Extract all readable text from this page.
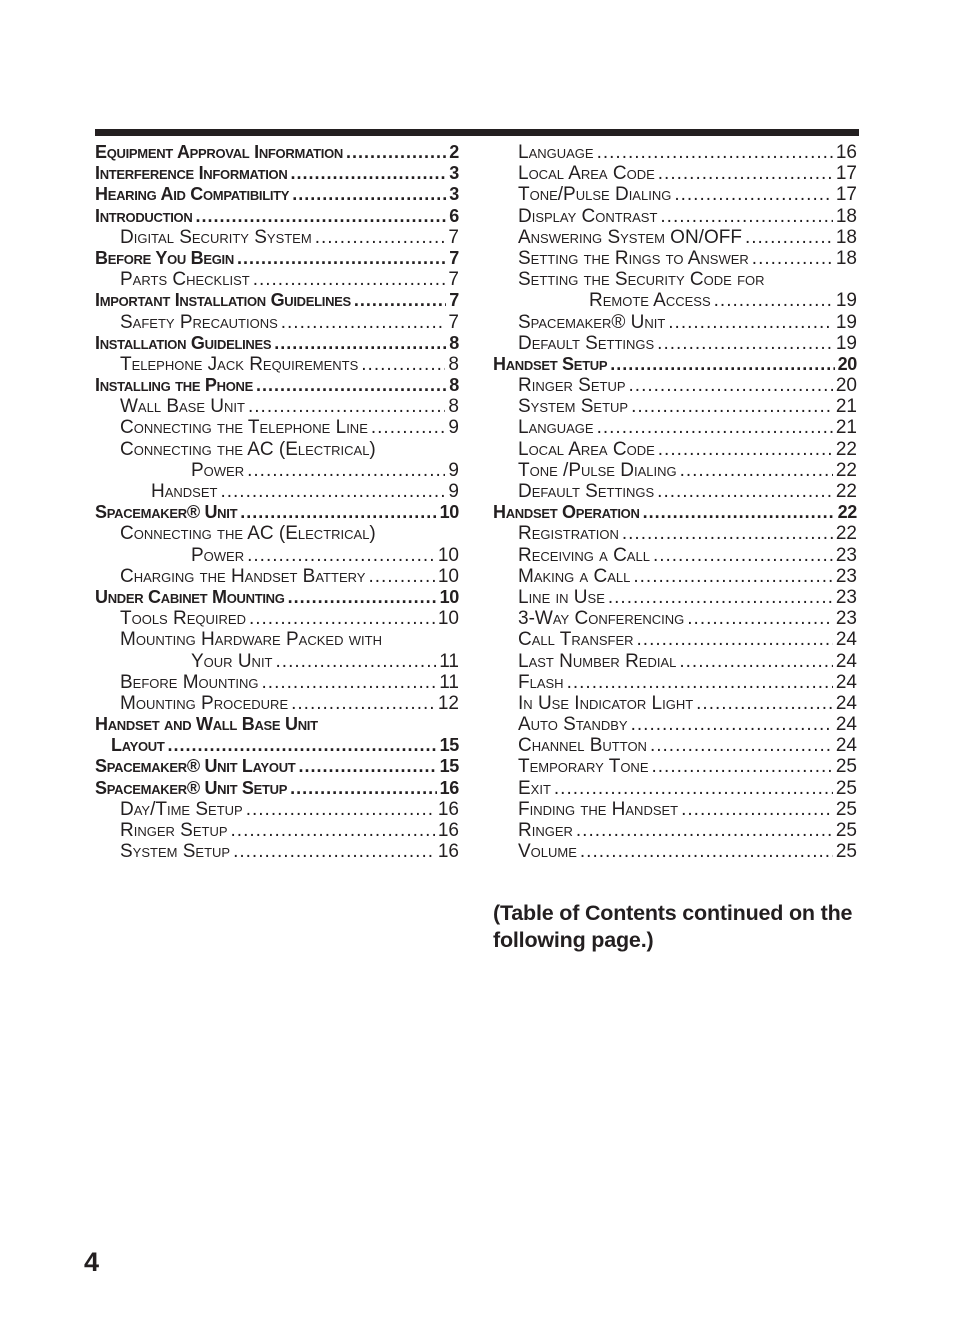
Equipment Approval Information .....	2
Interference Information .....	3
Hearing Aid Compatibility .....	3
Introduction .....	6
Digital Security System .....	7
Before You Begin .....	7
Parts Checklist .....	7
Important Installation Guidelines .....	7
Safety Precautions .....	7
Installation Guidelines .....	8
Telephone Jack Requirements .....	8
Installing the Phone .....	8
Wall Base Unit .....	8
Connecting the Telephone Line .....	9
Connecting the AC (Electrical)
Power .....	9
Handset .....	9
Spacemaker® Unit .....	10
Connecting the AC (Electrical)
Power .....	10
Charging the Handset Battery .....	10
Under Cabinet Mounting .....	10
Tools Required .....	10
Mounting Hardware Packed with
Your Unit .....	11
Before Mounting .....	11
Mounting Procedure .....	12
Handset and Wall Base Unit
Layout .....	15
Spacemaker® Unit Layout .....	15
Spacemaker® Unit Setup .....	16
Day/Time Setup .....	16
Ringer Setup .....	16
System Setup .....	16
Language .....	16
Local Area Code .....	17
Tone/Pulse Dialing .....	17
Display Contrast .....	18
Answering System ON/OFF .....	18
Setting the Rings to Answer .....	18
Setting the Security Code for
Remote Access .....	19
Spacemaker® Unit .....	19
Default Settings .....	19
Handset Setup .....	20
Ringer Setup .....	20
System Setup .....	21
Language .....	21
Local Area Code .....	22
Tone /Pulse Dialing .....	22
Default Settings .....	22
Handset Operation .....	22
Registration .....	22
Receiving a Call .....	23
Making a Call .....	23
Line in Use .....	23
3-Way Conferencing .....	23
Call Transfer .....	24
Last Number Redial .....	24
Flash .....	24
In Use Indicator Light .....	24
Auto Standby .....	24
Channel Button .....	24
Temporary Tone .....	25
Exit .....	25
Finding the Handset .....	25
Ringer .....	25
Volume .....	25
(Table of Contents continued on the following page.)
4
